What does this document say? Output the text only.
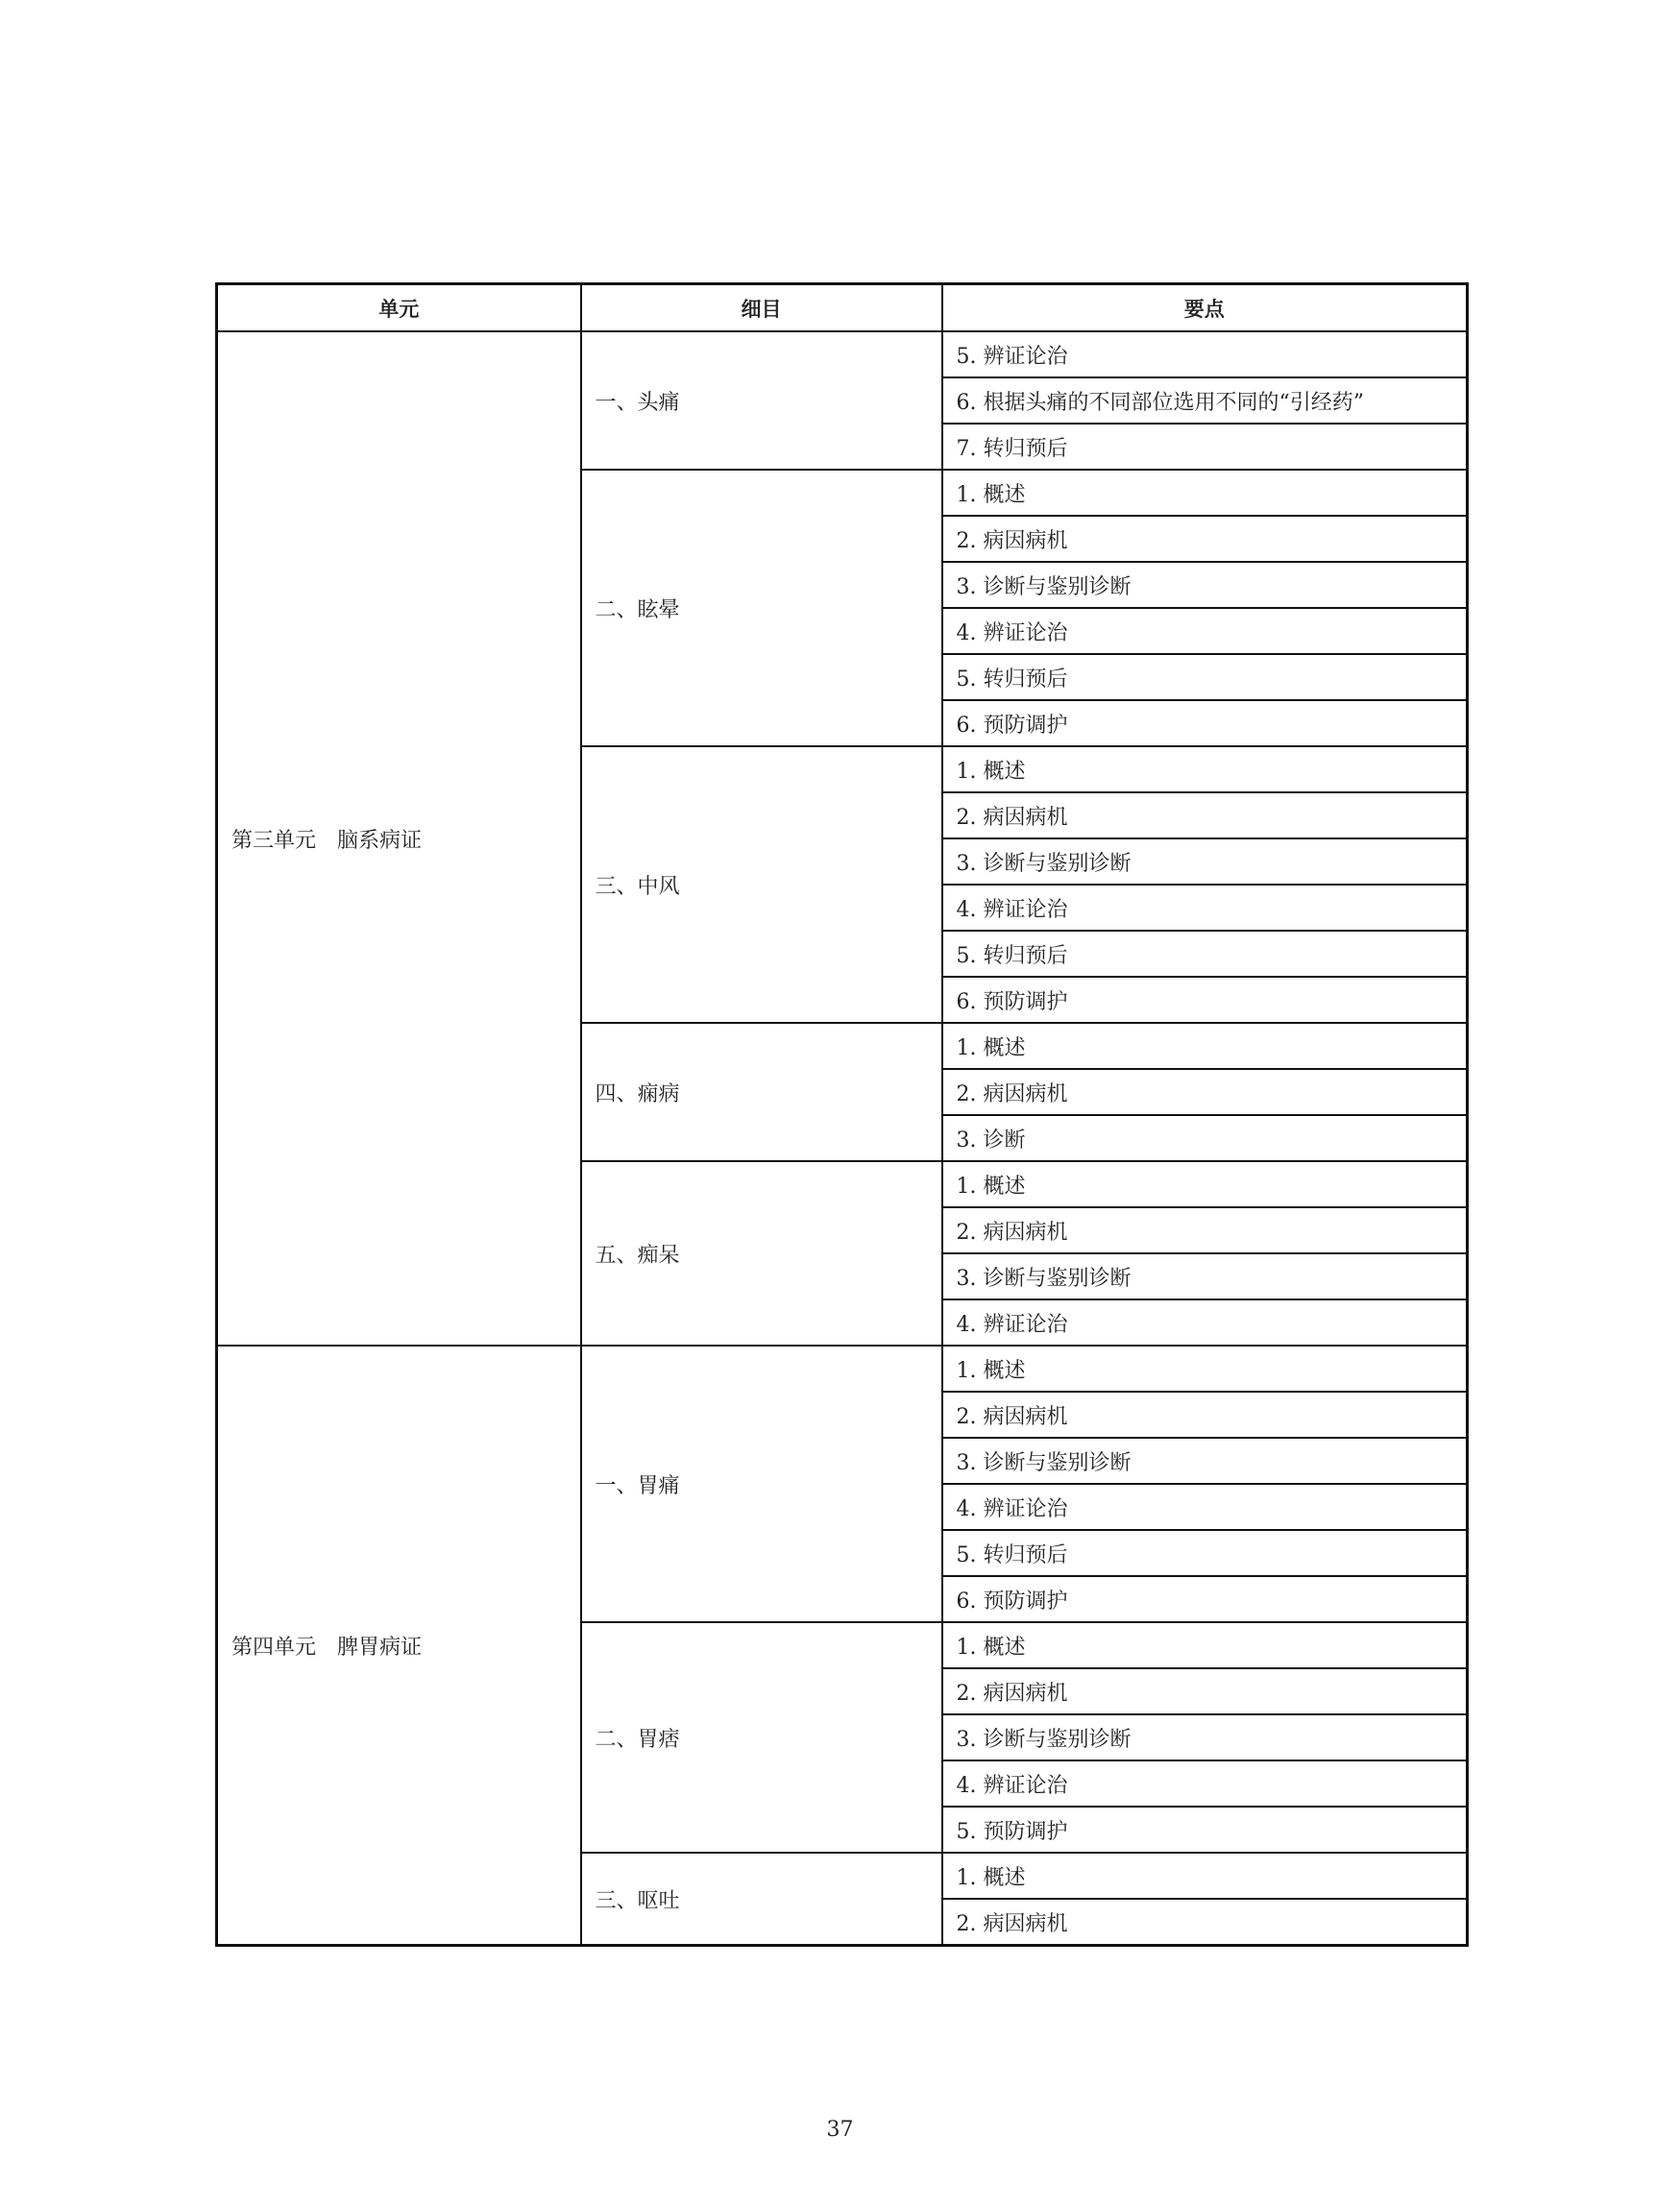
单元	细目	要点
第三单元　脑系病证	一、头痛	5. 辨证论治
		6. 根据头痛的不同部位选用不同的“引经药”
		7. 转归预后
	二、眩晕	1. 概述
		2. 病因病机
		3. 诊断与鉴别诊断
		4. 辨证论治
		5. 转归预后
		6. 预防调护
	三、中风	1. 概述
		2. 病因病机
		3. 诊断与鉴别诊断
		4. 辨证论治
		5. 转归预后
		6. 预防调护
	四、痫病	1. 概述
		2. 病因病机
		3. 诊断
	五、痴呆	1. 概述
		2. 病因病机
		3. 诊断与鉴别诊断
		4. 辨证论治
第四单元　脾胃病证	一、胃痛	1. 概述
		2. 病因病机
		3. 诊断与鉴别诊断
		4. 辨证论治
		5. 转归预后
		6. 预防调护
	二、胃痞	1. 概述
		2. 病因病机
		3. 诊断与鉴别诊断
		4. 辨证论治
		5. 预防调护
	三、呕吐	1. 概述
		2. 病因病机
37
